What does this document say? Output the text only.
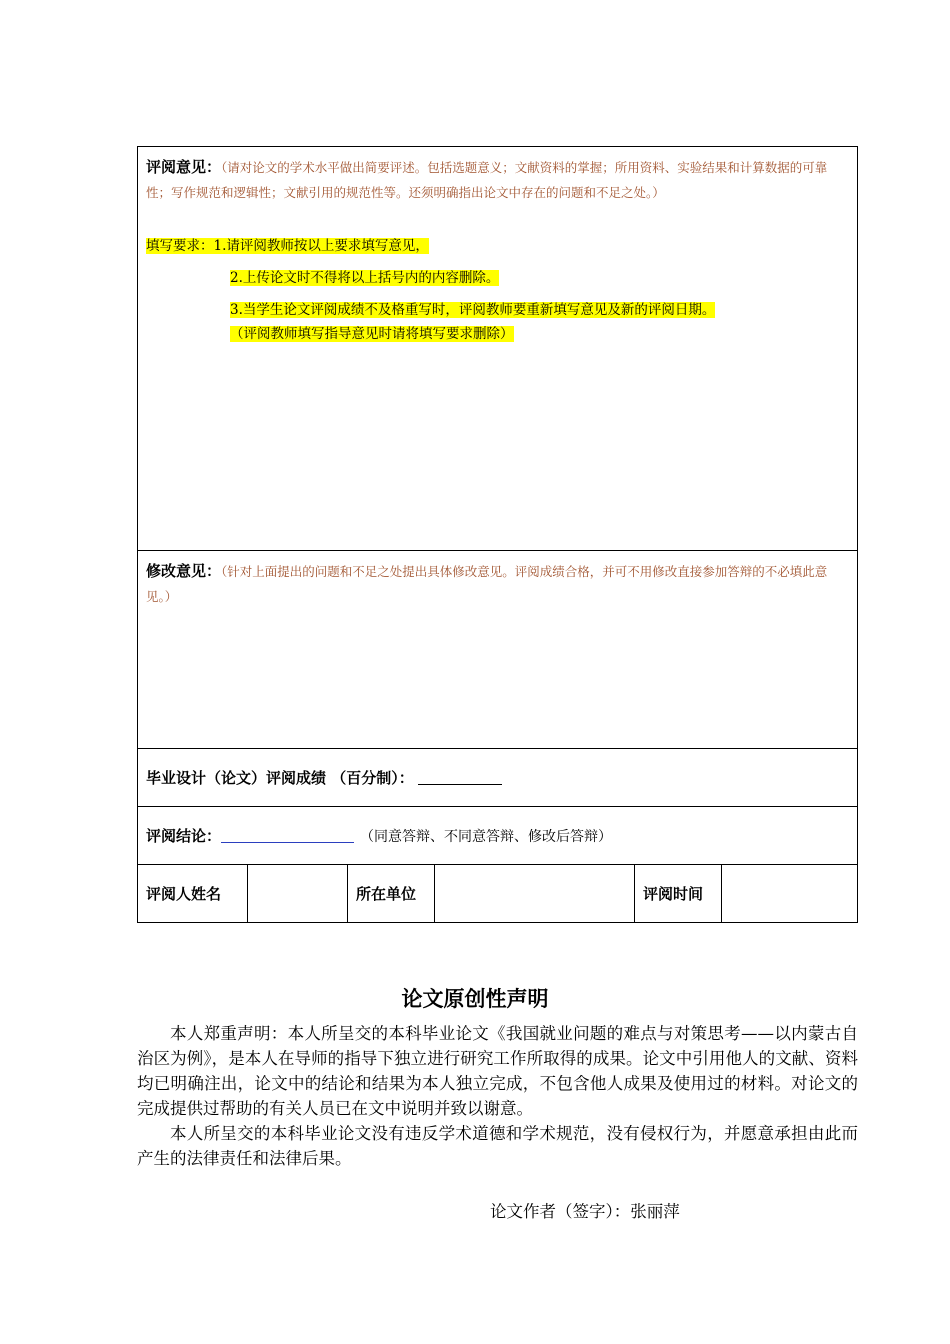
评阅意见：（请对论文的学术水平做出简要评述。包括选题意义；文献资料的掌握；所用资料、实验结果和计算数据的可靠性；写作规范和逻辑性；文献引用的规范性等。还须明确指出论文中存在的问题和不足之处。）
填写要求：1.请评阅教师按以上要求填写意见，
2.上传论文时不得将以上括号内的内容删除。
3.当学生论文评阅成绩不及格重写时，评阅教师要重新填写意见及新的评阅日期。
（评阅教师填写指导意见时请将填写要求删除）
修改意见：（针对上面提出的问题和不足之处提出具体修改意见。评阅成绩合格，并可不用修改直接参加答辩的不必填此意见。）
毕业设计（论文）评阅成绩 （百分制）：
评阅结论：	（同意答辩、不同意答辩、修改后答辩）
评阅人姓名	所在单位	评阅时间
论文原创性声明

本人郑重声明：本人所呈交的本科毕业论文《我国就业问题的难点与对策思考——以内蒙古自治区为例》，是本人在导师的指导下独立进行研究工作所取得的成果。论文中引用他人的文献、资料均已明确注出，论文中的结论和结果为本人独立完成，不包含他人成果及使用过的材料。对论文的完成提供过帮助的有关人员已在文中说明并致以谢意。

本人所呈交的本科毕业论文没有违反学术道德和学术规范，没有侵权行为，并愿意承担由此而产生的法律责任和法律后果。

论文作者（签字）：张丽萍
